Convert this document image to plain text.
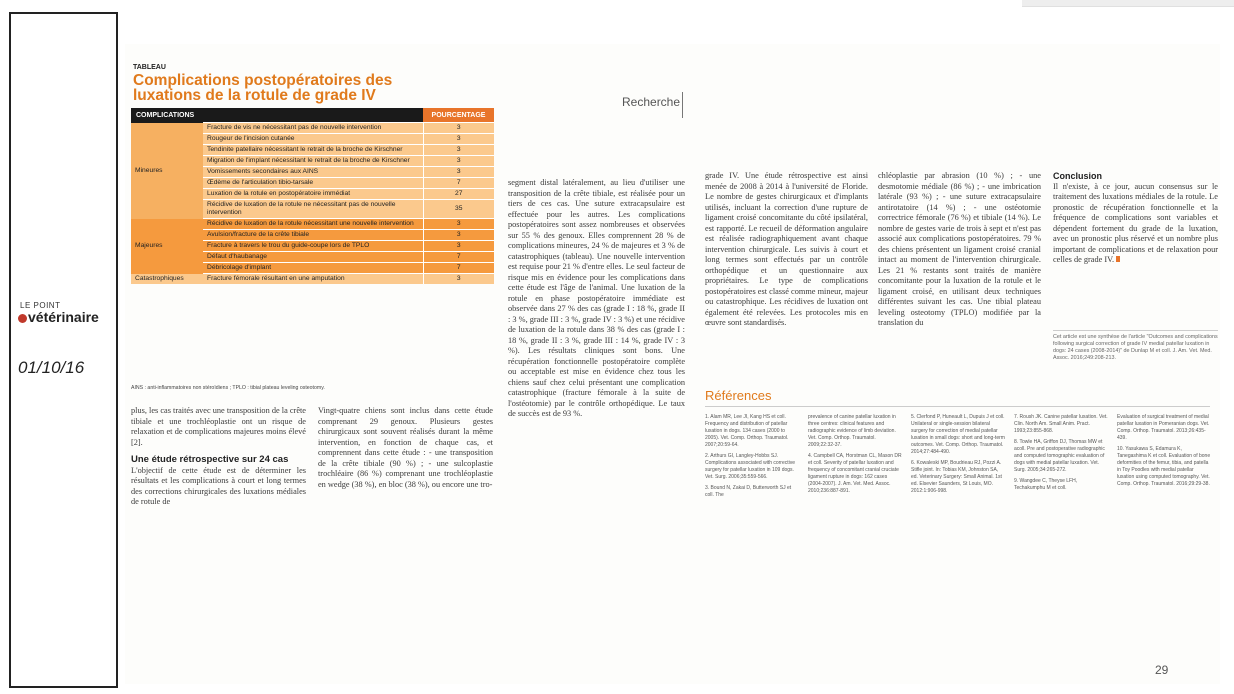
LE POINT
vétérinaire
01/10/16
TABLEAU
Complications postopératoires des luxations de la rotule de grade IV
COMPLICATIONS		POURCENTAGE
Mineures	Fracture de vis ne nécessitant pas de nouvelle intervention	3
	Rougeur de l'incision cutanée	3
	Tendinite patellaire nécessitant le retrait de la broche de Kirschner	3
	Migration de l'implant nécessitant le retrait de la broche de Kirschner	3
	Vomissements secondaires aux AINS	3
	Œdème de l'articulation tibio-tarsale	7
	Luxation de la rotule en postopératoire immédiat	27
	Récidive de luxation de la rotule ne nécessitant pas de nouvelle intervention	35
Majeures	Récidive de luxation de la rotule nécessitant une nouvelle intervention	3
	Avulsion/fracture de la crête tibiale	3
	Fracture à travers le trou du guide-coupe lors de TPLO	3
	Défaut d'haubanage	7
	Débricolage d'implant	7
Catastrophiques	Fracture fémorale résultant en une amputation	3
AINS : anti-inflammatoires non stéroïdiens ; TPLO : tibial plateau leveling osteotomy.
Recherche
plus, les cas traités avec une transposition de la crête tibiale et une trochléoplastie ont un risque de relaxation et de complications majeures moins élevé [2].
Une étude rétrospective sur 24 cas
L'objectif de cette étude est de déterminer les résultats et les complications à court et long termes des corrections chirurgicales des luxations médiales de rotule de
Vingt-quatre chiens sont inclus dans cette étude comprenant 29 genoux. Plusieurs gestes chirurgicaux sont souvent réalisés durant la même intervention, en fonction de chaque cas, et comprennent dans cette étude : - une transposition de la crête tibiale (90 %) ; - une sulcoplastie trochléaire (86 %) comprenant une trochléoplastie en wedge (38 %), en bloc (38 %), ou encore une tro-
segment distal latéralement, au lieu d'utiliser une transposition de la crête tibiale, est réalisée pour un tiers de ces cas. Une suture extracapsulaire est effectuée pour les autres. Les complications postopératoires sont assez nombreuses et observées sur 55 % des genoux. Elles comprennent 28 % de complications mineures, 24 % de majeures et 3 % de catastrophiques (tableau). Une nouvelle intervention est requise pour 21 % d'entre elles. Le seul facteur de risque mis en évidence pour les complications dans cette étude est l'âge de l'animal. Une luxation de la rotule en phase postopératoire immédiate est observée dans 27 % des cas (grade I : 18 %, grade II : 3 %, grade III : 3 %, grade IV : 3 %) et une récidive de luxation de la rotule dans 38 % des cas (grade I : 18 %, grade II : 3 %, grade III : 14 %, grade IV : 3 %). Les résultats cliniques sont bons. Une récupération fonctionnelle postopératoire complète ou acceptable est mise en évidence chez tous les chiens sauf chez celui présentant une complication catastrophique (fracture fémorale à la suite de l'ostéotomie) par le contrôle orthopédique. Le taux de succès est de 93 %.
grade IV. Une étude rétrospective est ainsi menée de 2008 à 2014 à l'université de Floride. Le nombre de gestes chirurgicaux et d'implants utilisés, incluant la correction d'une rupture de ligament croisé concomitante du côté ipsilatéral, est rapporté. Le recueil de déformation angulaire est réalisée radiographiquement avant chaque intervention chirurgicale. Les suivis à court et long termes sont effectués par un contrôle orthopédique et un questionnaire aux propriétaires. Le type de complications postopératoires est classé comme mineur, majeur ou catastrophique. Les récidives de luxation ont également été relevées. Les protocoles mis en œuvre sont standardisés.
chléoplastie par abrasion (10 %) ; - une desmotomie médiale (86 %) ; - une imbrication latérale (93 %) ; - une suture extracapsulaire antirotatoire (14 %) ; - une ostéotomie correctrice fémorale (76 %) et tibiale (14 %). Le nombre de gestes varie de trois à sept et n'est pas associé aux complications postopératoires. 79 % des chiens présentent un ligament croisé cranial intact au moment de l'intervention chirurgicale. Les 21 % restants sont traités de manière concomitante pour la luxation de la rotule et le ligament croisé, en utilisant deux techniques différentes suivant les cas. Une tibial plateau leveling osteotomy (TPLO) modifiée par la translation du
Conclusion
Il n'existe, à ce jour, aucun consensus sur le traitement des luxations médiales de la rotule. Le pronostic de récupération fonctionnelle et la fréquence de complications sont variables et dépendent fortement du grade de la luxation, avec un pronostic plus réservé et un nombre plus important de complications et de relaxation pour celles de grade IV.
Cet article est une synthèse de l'article "Outcomes and complications following surgical correction of grade IV medial patellar luxation in dogs: 24 cases (2008-2014)" de Dunlap M et coll. J. Am. Vet. Med. Assoc. 2016;249:208-213.
Références
1. Alam MR, Lee JI, Kang HS et coll. Frequency and distribution of patellar luxation in dogs. 134 cases (2000 to 2005). Vet. Comp. Orthop. Traumatol. 2007;20:59-64.
2. Arthurs GI, Langley-Hobbs SJ. Complications associated with corrective surgery for patellar luxation in 109 dogs. Vet. Surg. 2006;35:559-566.
3. Bound N, Zakai D, Butterworth SJ et coll. The
prevalence of canine patellar luxation in three centres: clinical features and radiographic evidence of limb deviation. Vet. Comp. Orthop. Traumatol. 2009;22:32-37.
4. Campbell CA, Horstman CL, Mason DR et coll. Severity of patellar luxation and frequency of concomitant cranial cruciate ligament rupture in dogs: 162 cases (2004-2007). J. Am. Vet. Med. Assoc. 2010;236:887-891.
5. Clerfond P, Huneault L, Dupuis J et coll. Unilateral or single-session bilateral surgery for correction of medial patellar luxation in small dogs: short and long-term outcomes. Vet. Comp. Orthop. Traumatol. 2014;27:484-490.
6. Kowaleski MP, Boudrieau RJ, Pozzi A. Stifle joint. In: Tobias KM, Johnston SA, ed. Veterinary Surgery: Small Animal. 1st ed. Elsevier Saunders, St Louis, MO. 2012:1:906-998.
7. Roush JK. Canine patellar luxation. Vet. Clin. North Am. Small Anim. Pract. 1993;23:855-868.
8. Towle HA, Griffon DJ, Thomas MW et acoll. Pre and postoperative radiographic and computed tomographic evaluation of dogs with medial patellar luxation. Vet. Surg. 2005;34:265-272.
9. Wangdee C, Theyse LFH, Techakumphu M et coll.
Evaluation of surgical treatment of medial patellar luxation in Pomeranian dogs. Vet. Comp. Orthop. Traumatol. 2013;26:435-439.
10. Yasukawa S, Edamura K, Tanegashima K et coll. Evaluation of bone deformities of the femur, tibia, and patella in Toy Poodles with medial patellar luxation using computed tomography. Vet. Comp. Orthop. Traumatol. 2016;29:29-38.
29
